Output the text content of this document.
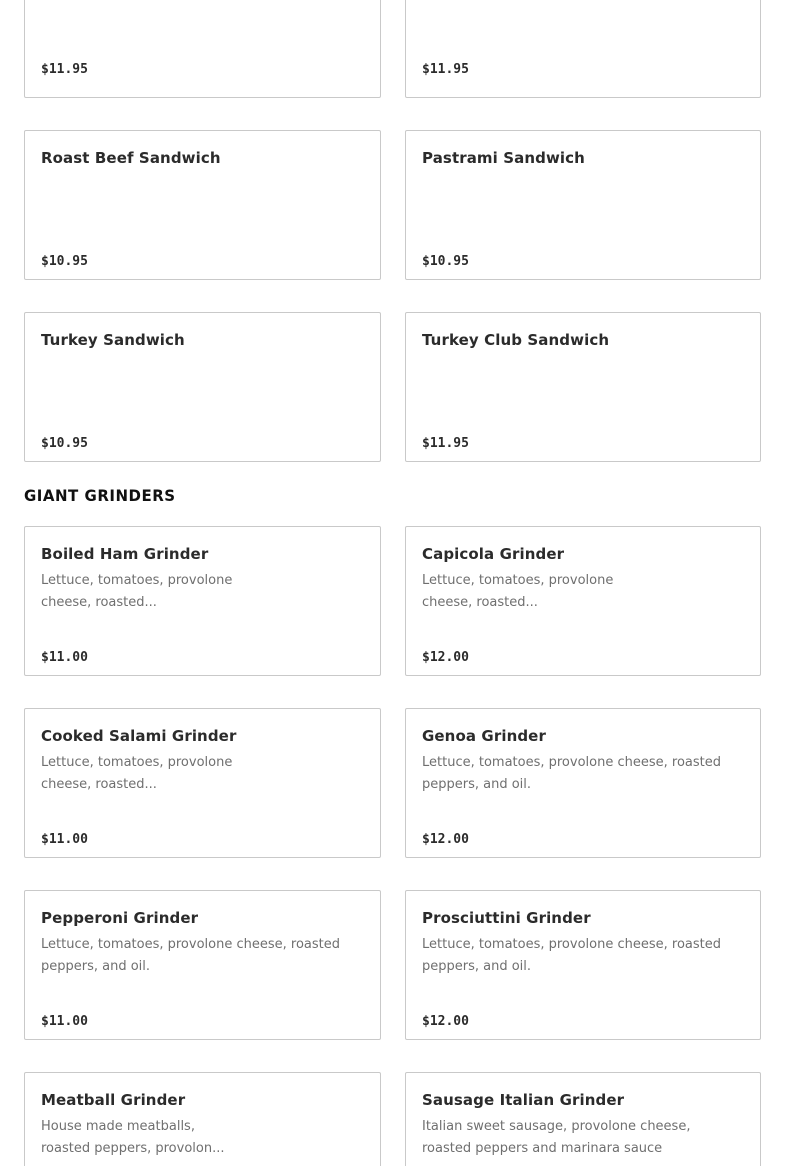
$11.95	$11.95
Roast Beef Sandwich
$10.95
Pastrami Sandwich
$10.95
Turkey Sandwich
$10.95
Turkey Club Sandwich
$11.95
GIANT GRINDERS
Boiled Ham Grinder
Lettuce, tomatoes, provolone cheese, roasted...
$11.00
Capicola Grinder
Lettuce, tomatoes, provolone cheese, roasted...
$12.00
Cooked Salami Grinder
Lettuce, tomatoes, provolone cheese, roasted...
$11.00
Genoa Grinder
Lettuce, tomatoes, provolone cheese, roasted peppers, and oil.
$12.00
Pepperoni Grinder
Lettuce, tomatoes, provolone cheese, roasted peppers, and oil.
$11.00
Prosciuttini Grinder
Lettuce, tomatoes, provolone cheese, roasted peppers, and oil.
$12.00
Meatball Grinder
House made meatballs, roasted peppers, provolon...
Sausage Italian Grinder
Italian sweet sausage, provolone cheese, roasted peppers and marinara sauce
